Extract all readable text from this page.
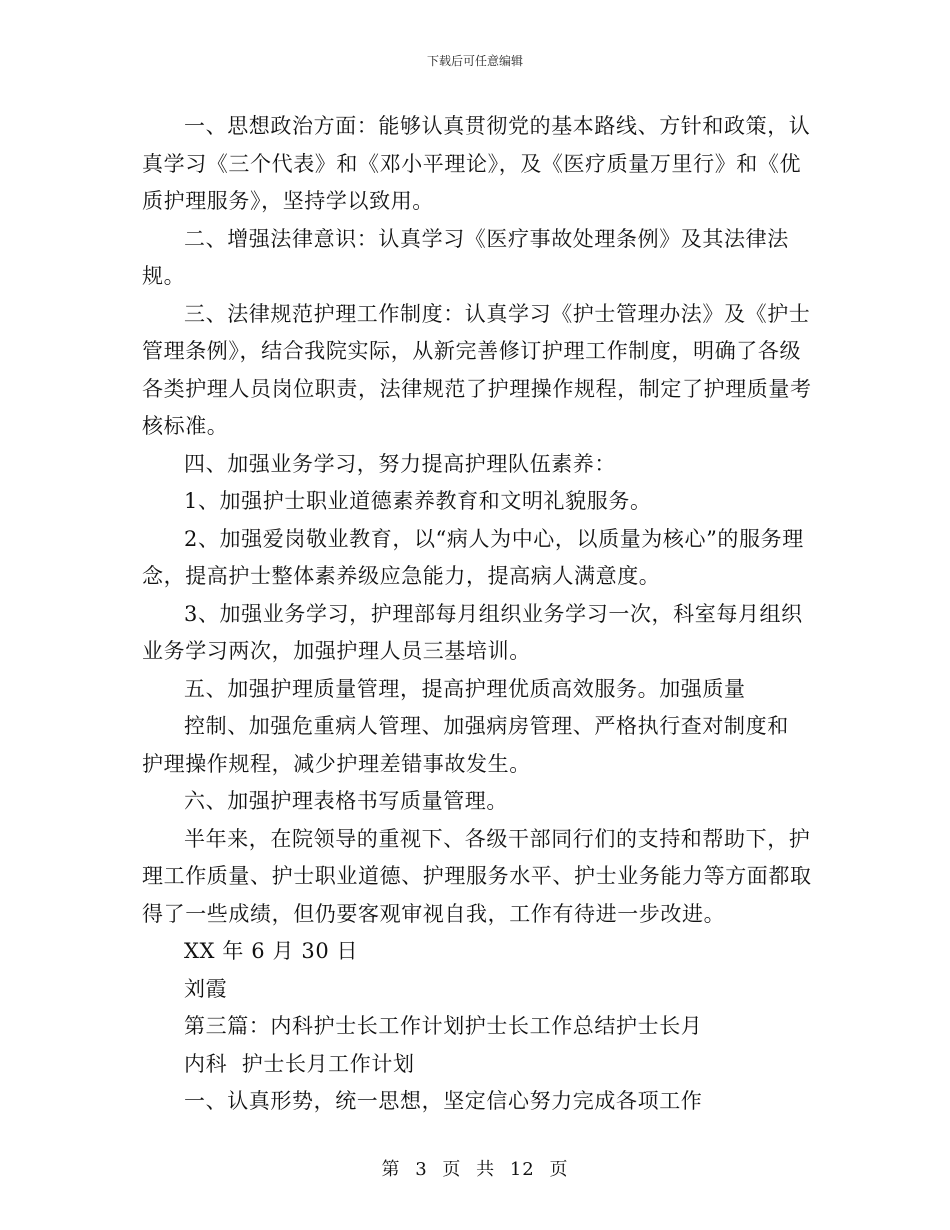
下载后可任意编辑

一、思想政治方面：能够认真贯彻党的基本路线、方针和政策，认真学习《三个代表》和《邓小平理论》，及《医疗质量万里行》和《优质护理服务》，坚持学以致用。

二、增强法律意识：认真学习《医疗事故处理条例》及其法律法规。

三、法律规范护理工作制度：认真学习《护士管理办法》及《护士管理条例》，结合我院实际，从新完善修订护理工作制度，明确了各级各类护理人员岗位职责，法律规范了护理操作规程，制定了护理质量考核标准。

四、加强业务学习，努力提高护理队伍素养：

1、加强护士职业道德素养教育和文明礼貌服务。

2、加强爱岗敬业教育，以“病人为中心，以质量为核心”的服务理念，提高护士整体素养级应急能力，提高病人满意度。

3、加强业务学习，护理部每月组织业务学习一次，科室每月组织业务学习两次，加强护理人员三基培训。

五、加强护理质量管理，提高护理优质高效服务。加强质量

控制、加强危重病人管理、加强病房管理、严格执行查对制度和

护理操作规程，减少护理差错事故发生。

六、加强护理表格书写质量管理。

半年来，在院领导的重视下、各级干部同行们的支持和帮助下，护理工作质量、护士职业道德、护理服务水平、护士业务能力等方面都取得了一些成绩，但仍要客观审视自我，工作有待进一步改进。

XX 年 6 月 30 日

刘霞

第三篇：内科护士长工作计划护士长工作总结护士长月

内科  护士长月工作计划

一、认真形势，统一思想，坚定信心努力完成各项工作

第 3 页 共 12 页
